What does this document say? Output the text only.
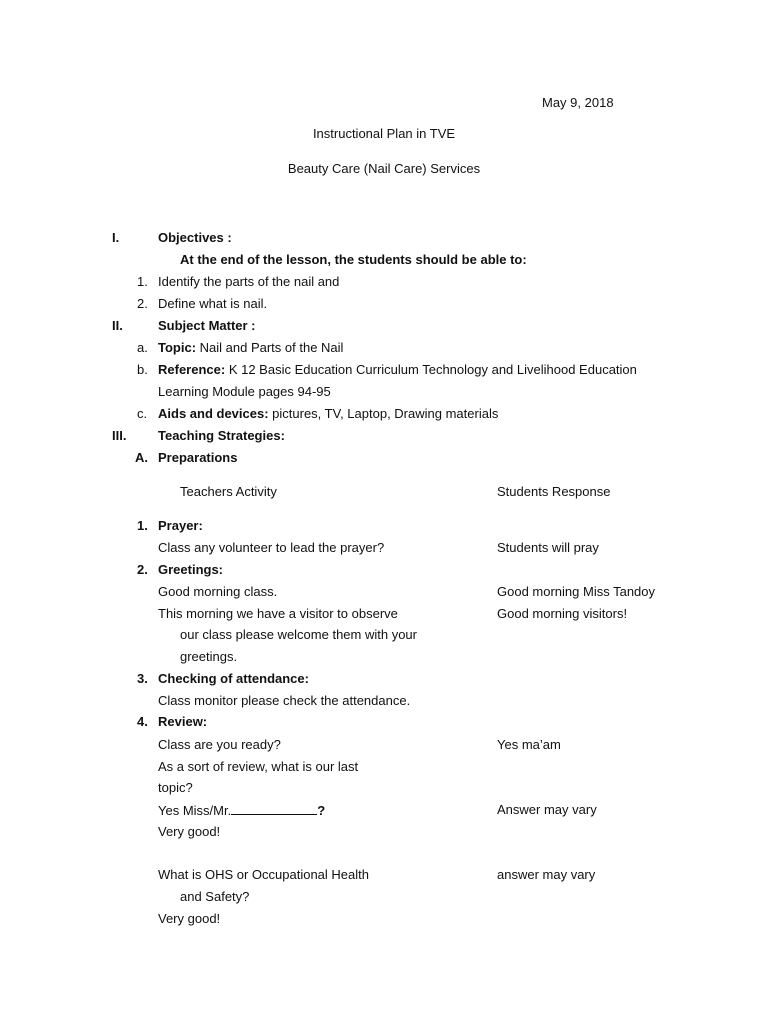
May 9, 2018
Instructional Plan in TVE
Beauty Care (Nail Care) Services
I.	Objectives :
At the end of the lesson, the students should be able to:
1. Identify the parts of the nail and
2. Define what is nail.
II.	Subject Matter :
a. Topic: Nail and Parts of the Nail
b. Reference: K 12 Basic Education Curriculum Technology and Livelihood Education
Learning Module pages 94-95
c. Aids and devices: pictures, TV, Laptop, Drawing materials
III. Teaching Strategies:
A. Preparations
Teachers Activity	Students Response
1. Prayer:
Class any volunteer to lead the prayer?	Students will pray
2. Greetings:
Good morning class.	Good morning Miss Tandoy
This morning we have a visitor to observe	Good morning visitors!
our class please welcome them with your
greetings.
3. Checking of attendance:
Class monitor please check the attendance.
4. Review:
Class are you ready?	Yes ma’am
As a sort of review, what is our last
topic?
Yes Miss/Mr.	?	Answer may vary
Very good!
What is OHS or Occupational Health	answer may vary
and Safety?
Very good!
